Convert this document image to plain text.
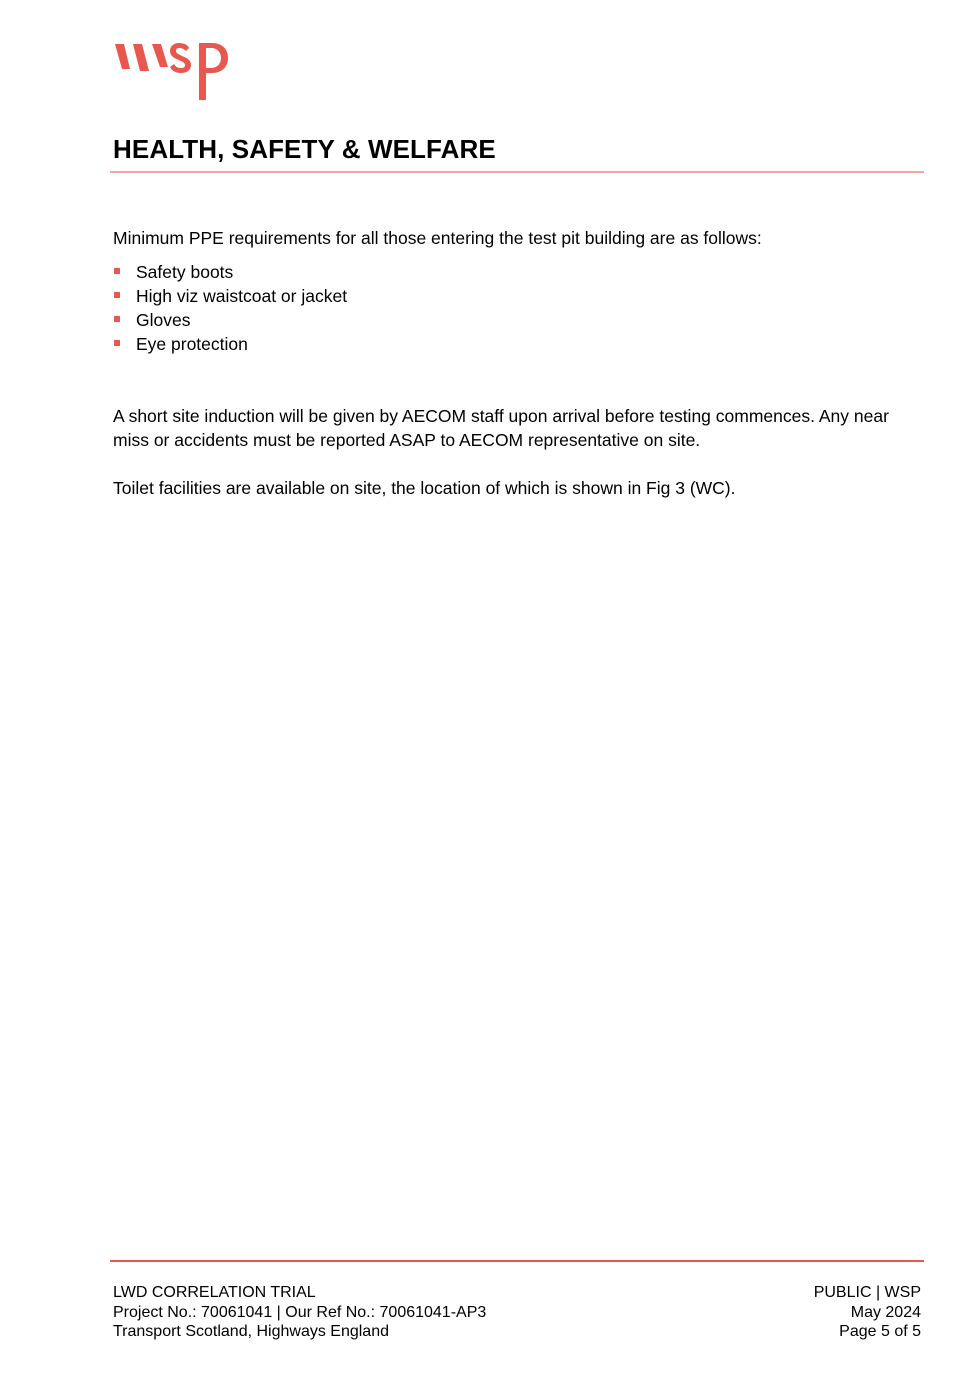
HEALTH, SAFETY & WELFARE

Minimum PPE requirements for all those entering the test pit building are as follows:

Safety boots
High viz waistcoat or jacket
Gloves
Eye protection

A short site induction will be given by AECOM staff upon arrival before testing commences. Any near miss or accidents must be reported ASAP to AECOM representative on site.

Toilet facilities are available on site, the location of which is shown in Fig 3 (WC).

LWD CORRELATION TRIAL
Project No.: 70061041 | Our Ref No.: 70061041-AP3
Transport Scotland, Highways England
PUBLIC | WSP
May 2024
Page 5 of 5
